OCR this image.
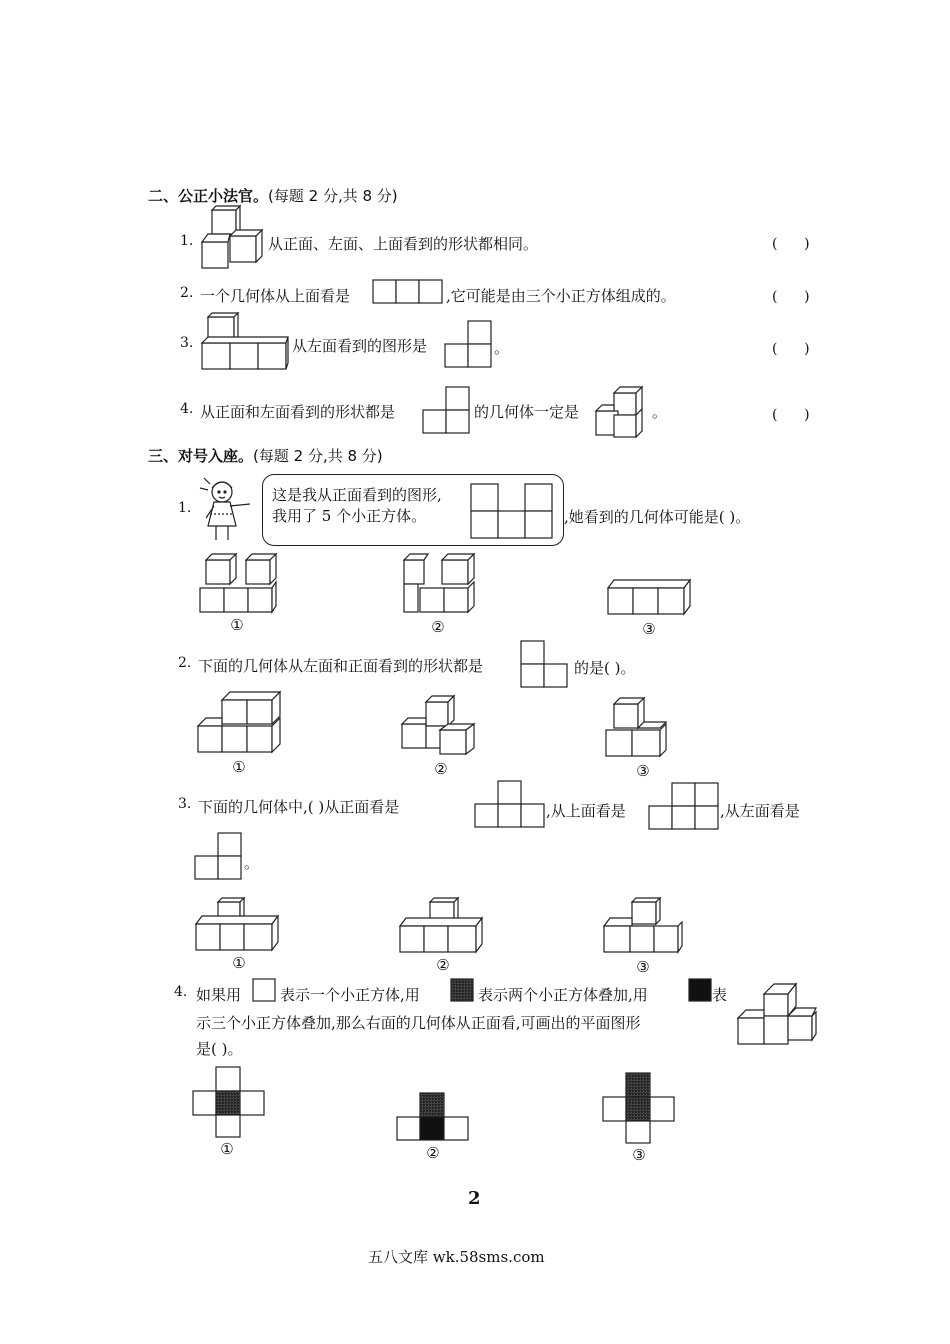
二、公正小法官。(每题 2 分,共 8 分)
1.	从正面、左面、上面看到的形状都相同。	(      )
2. 一个几何体从上面看是	,它可能是由三个小正方体组成的。	(      )
3.	从左面看到的图形是	。	(      )
4. 从正面和左面看到的形状都是	的几何体一定是	。	(      )
三、对号入座。(每题 2 分,共 8 分)
1.
这是我从正面看到的图形,
我用了 5 个小正方体。	,她看到的几何体可能是( )。
①	②	③
2. 下面的几何体从左面和正面看到的形状都是	的是( )。
①	②	③
3. 下面的几何体中,( )从正面看是	,从上面看是	,从左面看是
。
①	②	③
4. 如果用	表示一个小正方体,用	表示两个小正方体叠加,用	表
示三个小正方体叠加,那么右面的几何体从正面看,可画出的平面图形
是( )。
①	②	③
2
五八文库 wk.58sms.com
